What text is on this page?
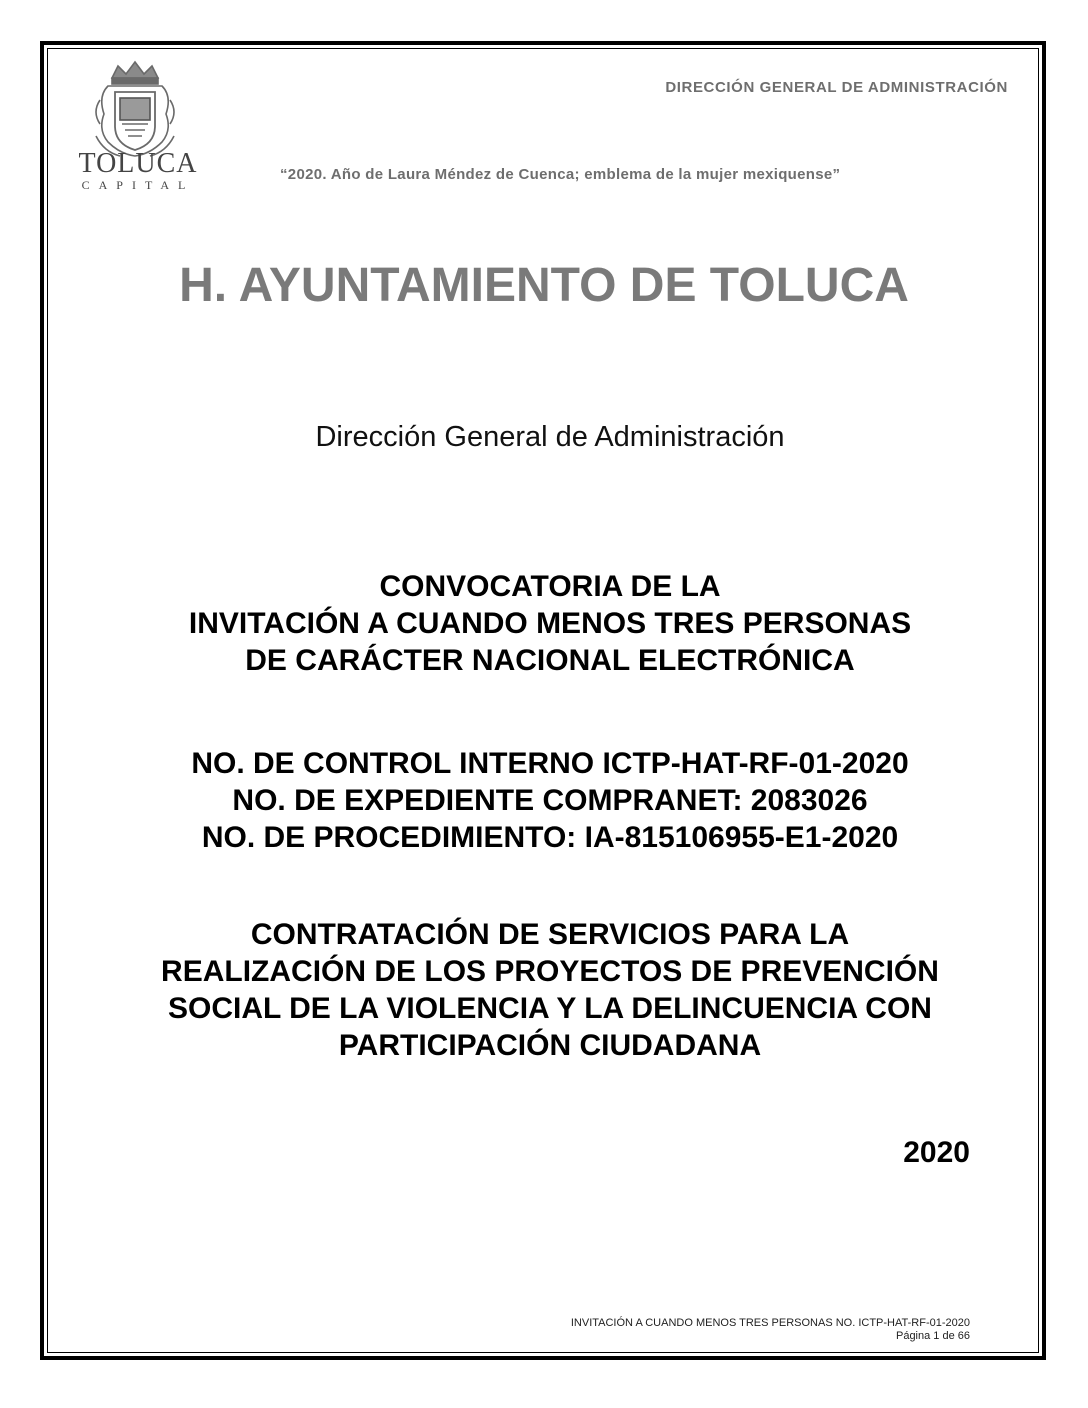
TOLUCA
CAPITAL
DIRECCIÓN GENERAL DE ADMINISTRACIÓN
“2020. Año de Laura Méndez de Cuenca; emblema de la mujer mexiquense”
H. AYUNTAMIENTO DE TOLUCA
Dirección General de Administración
CONVOCATORIA DE LA
INVITACIÓN A CUANDO MENOS TRES PERSONAS
DE CARÁCTER NACIONAL ELECTRÓNICA
NO. DE CONTROL INTERNO ICTP-HAT-RF-01-2020
NO. DE EXPEDIENTE COMPRANET: 2083026
NO. DE PROCEDIMIENTO: IA-815106955-E1-2020
CONTRATACIÓN DE SERVICIOS PARA LA
REALIZACIÓN DE LOS PROYECTOS DE PREVENCIÓN
SOCIAL DE LA VIOLENCIA Y LA DELINCUENCIA CON
PARTICIPACIÓN CIUDADANA
2020
INVITACIÓN A CUANDO MENOS TRES PERSONAS NO. ICTP-HAT-RF-01-2020
Página 1 de 66
